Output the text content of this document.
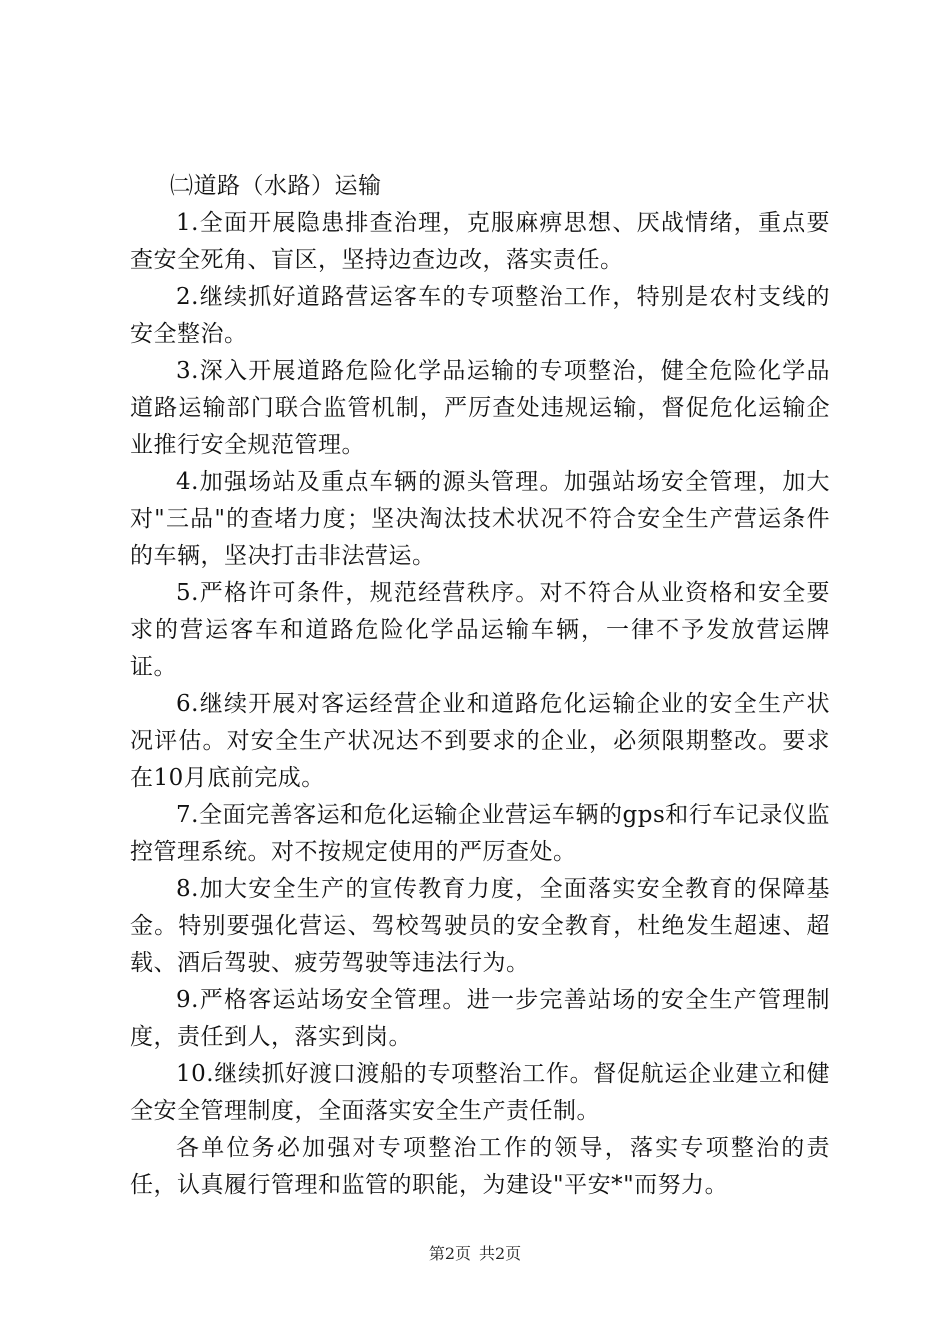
㈡道路（水路）运输

1.全面开展隐患排查治理，克服麻痹思想、厌战情绪，重点要查安全死角、盲区，坚持边查边改，落实责任。

2.继续抓好道路营运客车的专项整治工作，特别是农村支线的安全整治。

3.深入开展道路危险化学品运输的专项整治，健全危险化学品道路运输部门联合监管机制，严厉查处违规运输，督促危化运输企业推行安全规范管理。

4.加强场站及重点车辆的源头管理。加强站场安全管理，加大对"三品"的查堵力度；坚决淘汰技术状况不符合安全生产营运条件的车辆，坚决打击非法营运。

5.严格许可条件，规范经营秩序。对不符合从业资格和安全要求的营运客车和道路危险化学品运输车辆，一律不予发放营运牌证。

6.继续开展对客运经营企业和道路危化运输企业的安全生产状况评估。对安全生产状况达不到要求的企业，必须限期整改。要求在10月底前完成。

7.全面完善客运和危化运输企业营运车辆的gps和行车记录仪监控管理系统。对不按规定使用的严厉查处。

8.加大安全生产的宣传教育力度，全面落实安全教育的保障基金。特别要强化营运、驾校驾驶员的安全教育，杜绝发生超速、超载、酒后驾驶、疲劳驾驶等违法行为。

9.严格客运站场安全管理。进一步完善站场的安全生产管理制度，责任到人，落实到岗。

10.继续抓好渡口渡船的专项整治工作。督促航运企业建立和健全安全管理制度，全面落实安全生产责任制。

各单位务必加强对专项整治工作的领导，落实专项整治的责任，认真履行管理和监管的职能，为建设"平安*"而努力。

第2页 共2页
